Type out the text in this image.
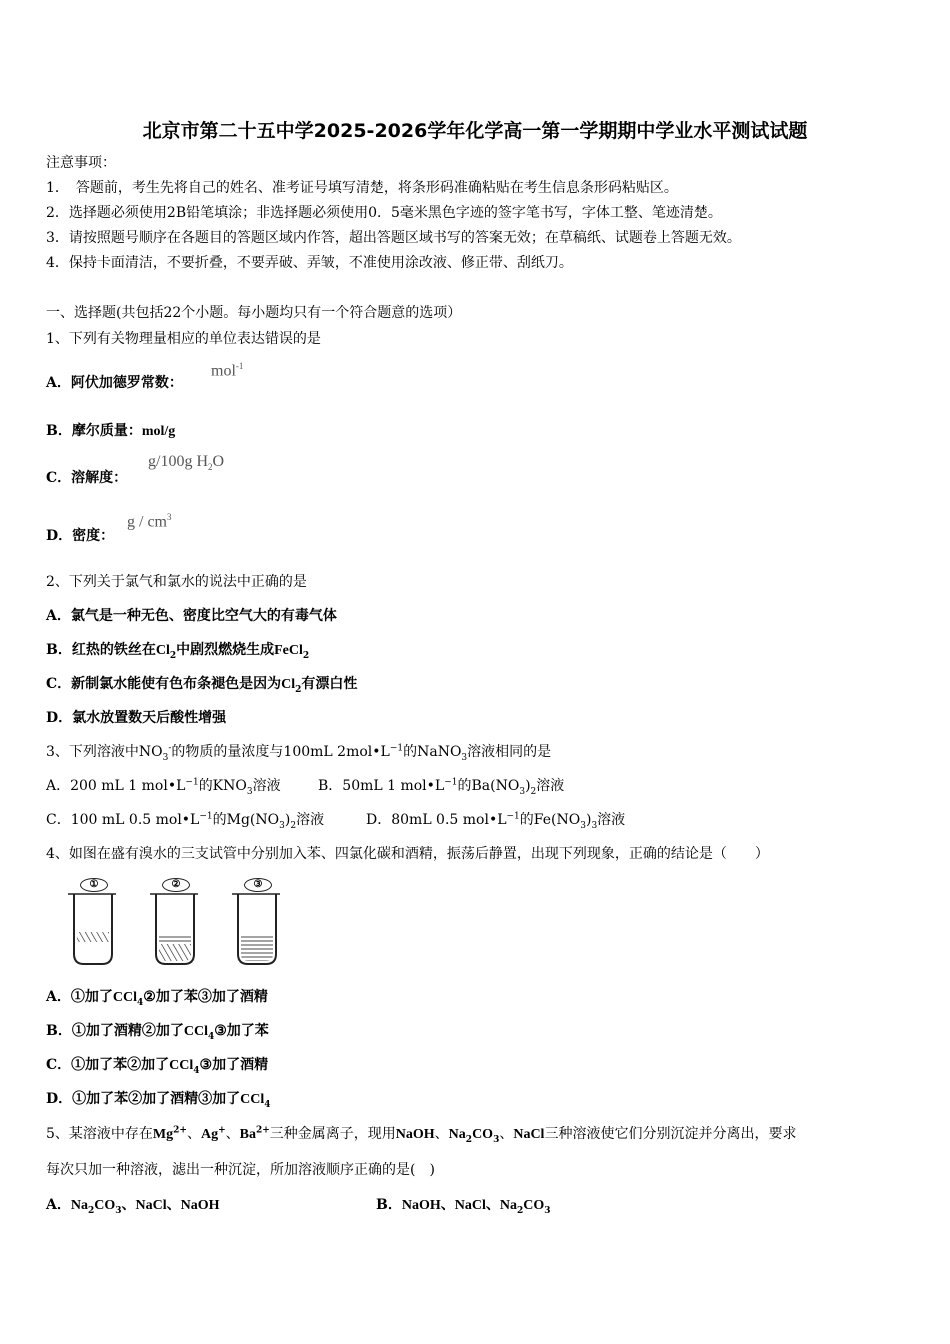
北京市第二十五中学2025-2026学年化学高一第一学期期中学业水平测试试题
注意事项：
1．　答题前，考生先将自己的姓名、准考证号填写清楚，将条形码准确粘贴在考生信息条形码粘贴区。
2．选择题必须使用2B铅笔填涂；非选择题必须使用0．5毫米黑色字迹的签字笔书写，字体工整、笔迹清楚。
3．请按照题号顺序在各题目的答题区域内作答，超出答题区域书写的答案无效；在草稿纸、试题卷上答题无效。
4．保持卡面清洁，不要折叠，不要弄破、弄皱，不准使用涂改液、修正带、刮纸刀。
一、选择题(共包括22个小题。每小题均只有一个符合题意的选项）
1、下列有关物理量相应的单位表达错误的是
A．阿伏加德罗常数：
mol$^{-1}$
B．摩尔质量：mol/g
C．溶解度：
g/100g $H_2O$
D．密度：
g / $cm^3$
2、下列关于氯气和氯水的说法中正确的是
A．氯气是一种无色、密度比空气大的有毒气体
B．红热的铁丝在$Cl_2$中剧烈燃烧生成FeCl$_2$
C．新制氯水能使有色布条褪色是因为$Cl_2$有漂白性
D．氯水放置数天后酸性增强
3、下列溶液中$NO_3^-$的物质的量浓度与100mL $2mol•L^{-1}$的NaNO$_3$溶液相同的是
A．200 mL 1 $mol•L^{-1}$的$KNO_3$溶液	B．50mL 1 $mol•L^{-1}$的$Ba(NO_3)_2$溶液
C．100 mL 0.5 $mol•L^{-1}$的$Mg(NO_3)_2$溶液	D．80mL 0.5 $mol•L^{-1}$的$Fe(NO_3)_3$溶液
4、如图在盛有溴水的三支试管中分别加入苯、四氯化碳和酒精，振荡后静置，出现下列现象，正确的结论是（　　）
①	②	③
A．①加了CCl$_4$②加了苯③加了酒精
B．①加了酒精②加了CCl$_4$③加了苯
C．①加了苯②加了CCl$_4$③加了酒精
D．①加了苯②加了酒精③加了CCl$_4$
5、某溶液中存在$Mg^{2+}$、Ag+、$Ba^{2+}$三种金属离子，现用NaOH、$Na_2CO_3$、NaCl三种溶液使它们分别沉淀并分离出，要求
每次只加一种溶液，滤出一种沉淀，所加溶液顺序正确的是(　)
A．$Na_2CO_3$、NaCl、NaOH	B．NaOH、NaCl、$Na_2CO_3$
